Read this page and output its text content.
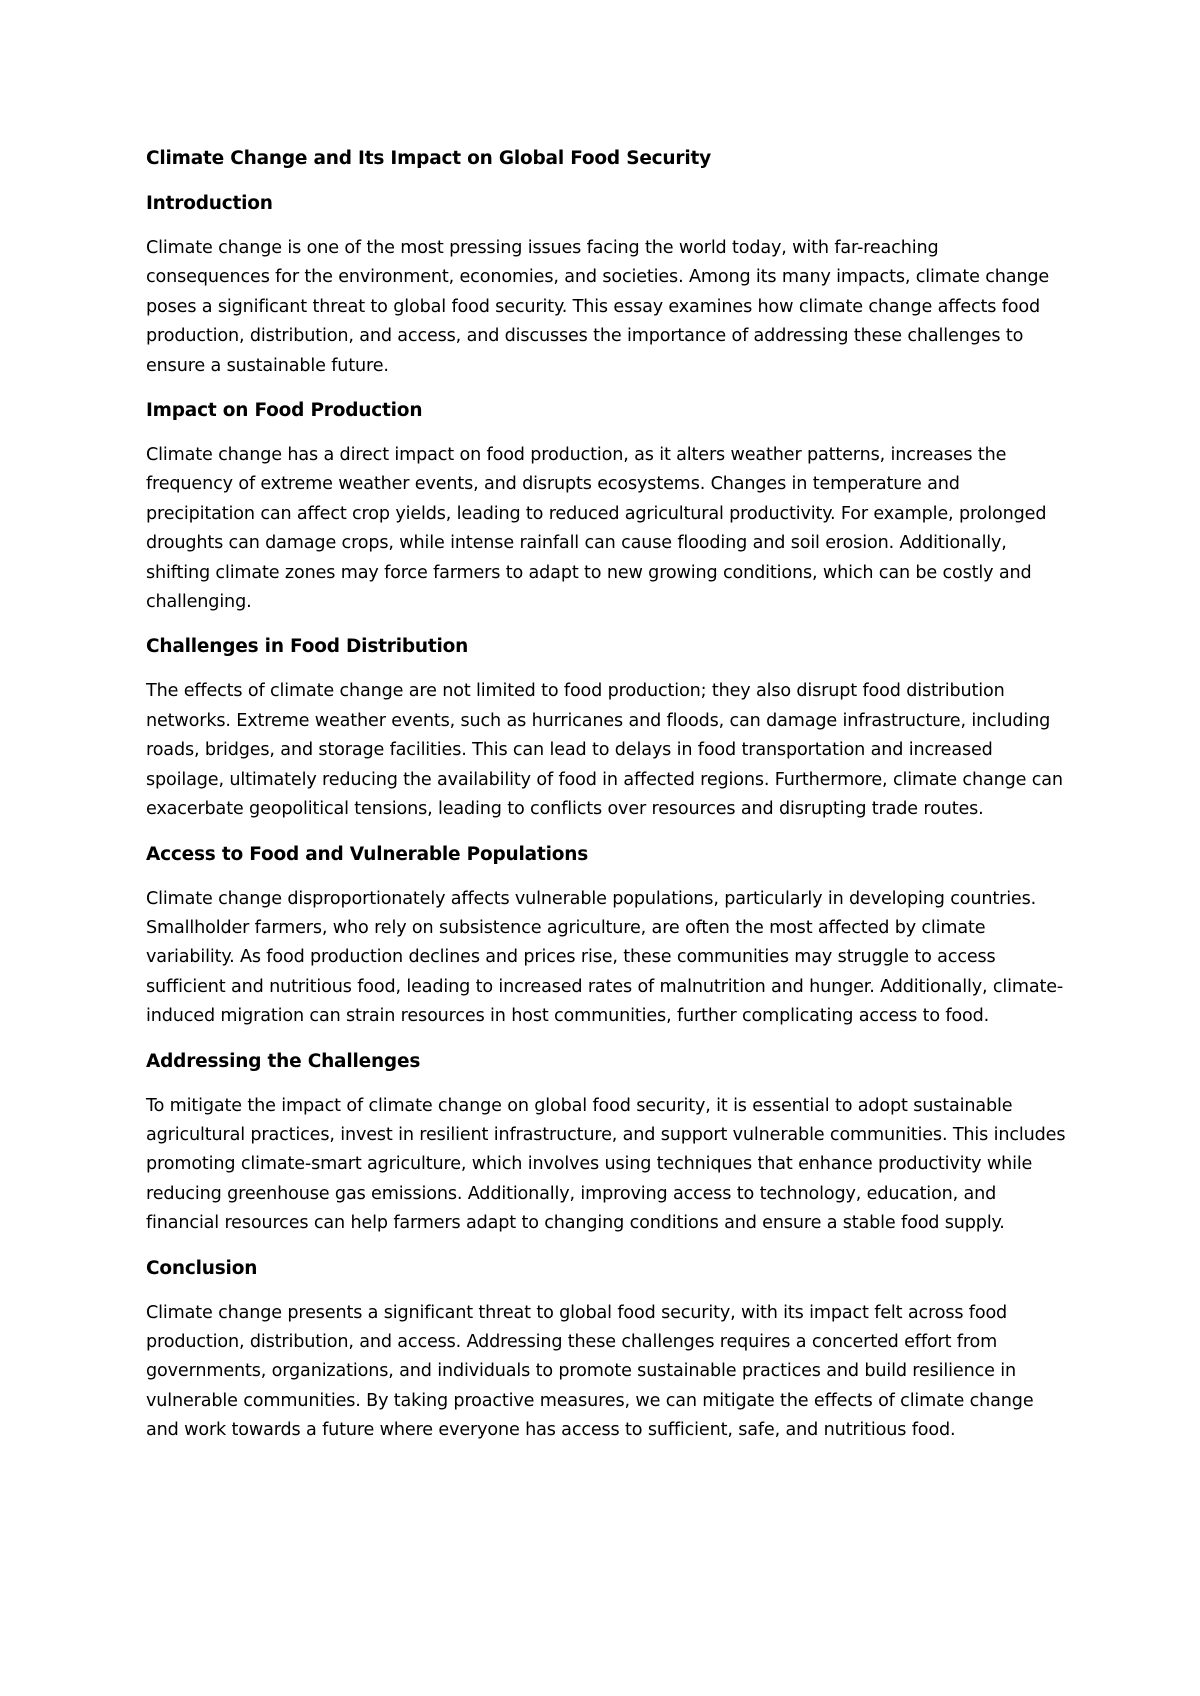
Climate Change and Its Impact on Global Food Security
Introduction

Climate change is one of the most pressing issues facing the world today, with far-reaching consequences for the environment, economies, and societies. Among its many impacts, climate change poses a significant threat to global food security. This essay examines how climate change affects food production, distribution, and access, and discusses the importance of addressing these challenges to ensure a sustainable future.

Impact on Food Production

Climate change has a direct impact on food production, as it alters weather patterns, increases the frequency of extreme weather events, and disrupts ecosystems. Changes in temperature and precipitation can affect crop yields, leading to reduced agricultural productivity. For example, prolonged droughts can damage crops, while intense rainfall can cause flooding and soil erosion. Additionally, shifting climate zones may force farmers to adapt to new growing conditions, which can be costly and challenging.

Challenges in Food Distribution

The effects of climate change are not limited to food production; they also disrupt food distribution networks. Extreme weather events, such as hurricanes and floods, can damage infrastructure, including roads, bridges, and storage facilities. This can lead to delays in food transportation and increased spoilage, ultimately reducing the availability of food in affected regions. Furthermore, climate change can exacerbate geopolitical tensions, leading to conflicts over resources and disrupting trade routes.

Access to Food and Vulnerable Populations

Climate change disproportionately affects vulnerable populations, particularly in developing countries. Smallholder farmers, who rely on subsistence agriculture, are often the most affected by climate variability. As food production declines and prices rise, these communities may struggle to access sufficient and nutritious food, leading to increased rates of malnutrition and hunger. Additionally, climate-induced migration can strain resources in host communities, further complicating access to food.

Addressing the Challenges

To mitigate the impact of climate change on global food security, it is essential to adopt sustainable agricultural practices, invest in resilient infrastructure, and support vulnerable communities. This includes promoting climate-smart agriculture, which involves using techniques that enhance productivity while reducing greenhouse gas emissions. Additionally, improving access to technology, education, and financial resources can help farmers adapt to changing conditions and ensure a stable food supply.

Conclusion

Climate change presents a significant threat to global food security, with its impact felt across food production, distribution, and access. Addressing these challenges requires a concerted effort from governments, organizations, and individuals to promote sustainable practices and build resilience in vulnerable communities. By taking proactive measures, we can mitigate the effects of climate change and work towards a future where everyone has access to sufficient, safe, and nutritious food.
